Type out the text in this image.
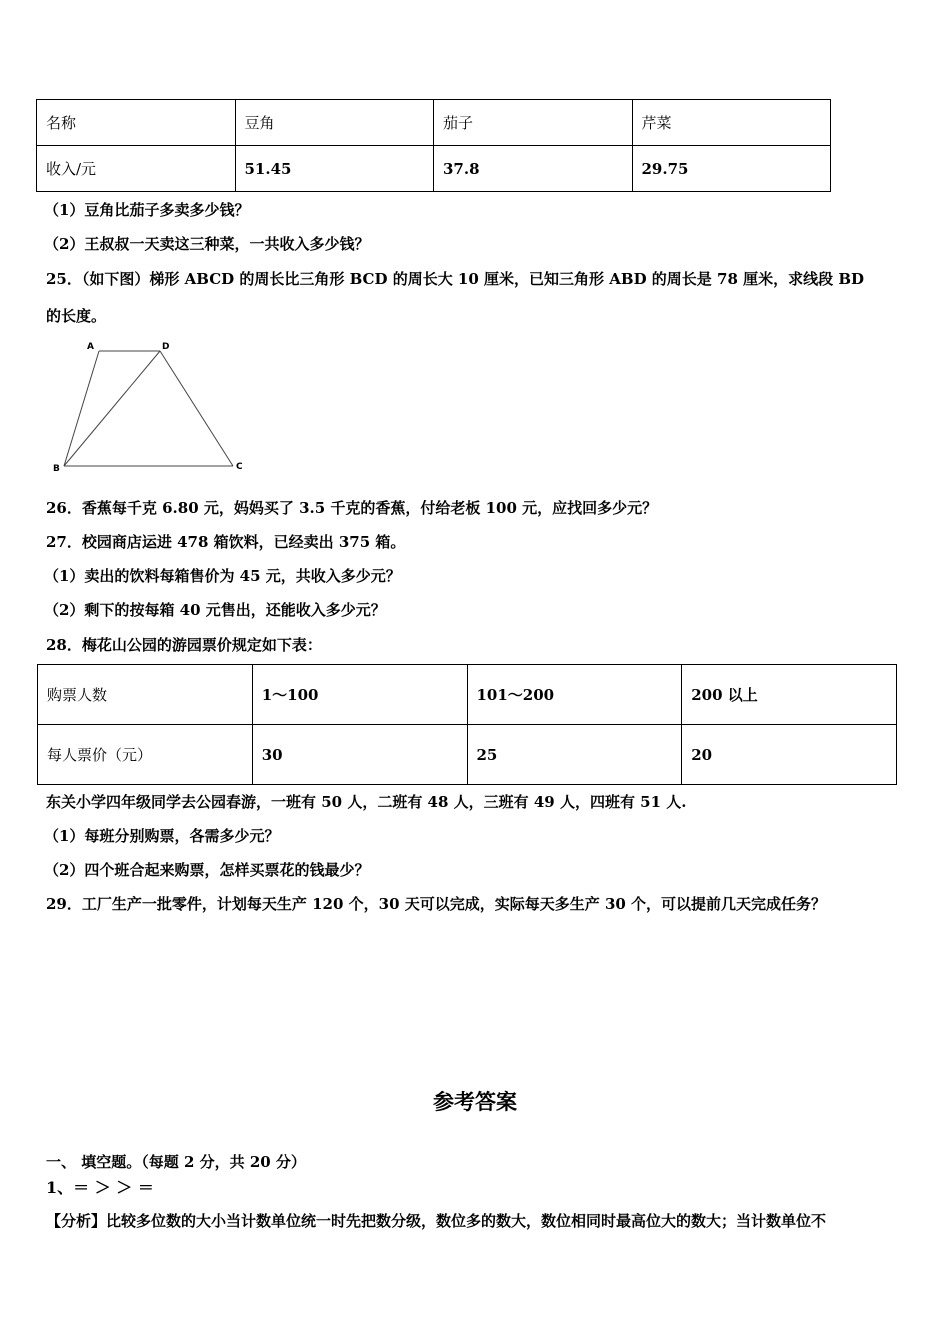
名称	豆角	茄子	芹菜
收入/元	51.45	37.8	29.75
（1）豆角比茄子多卖多少钱？
（2）王叔叔一天卖这三种菜，一共收入多少钱？
25．（如下图）梯形 ABCD 的周长比三角形 BCD 的周长大 10 厘米，已知三角形 ABD 的周长是 78 厘米，求线段 BD
的长度。
A	D
B	C
26．香蕉每千克 6.80 元，妈妈买了 3.5 千克的香蕉，付给老板 100 元，应找回多少元？
27．校园商店运进 478 箱饮料，已经卖出 375 箱。
（1）卖出的饮料每箱售价为 45 元，共收入多少元？
（2）剩下的按每箱 40 元售出，还能收入多少元？
28．梅花山公园的游园票价规定如下表：
购票人数	1～100	101～200	200 以上
每人票价（元）	30	25	20
东关小学四年级同学去公园春游，一班有 50 人，二班有 48 人，三班有 49 人，四班有 51 人.
（1）每班分别购票，各需多少元？
（2）四个班合起来购票，怎样买票花的钱最少？
29．工厂生产一批零件，计划每天生产 120 个，30 天可以完成，实际每天多生产 30 个，可以提前几天完成任务？
参考答案
一、 填空题。（每题 2 分，共 20 分）
1、＝ ＞ ＞ ＝
【分析】比较多位数的大小当计数单位统一时先把数分级，数位多的数大，数位相同时最高位大的数大；当计数单位不
